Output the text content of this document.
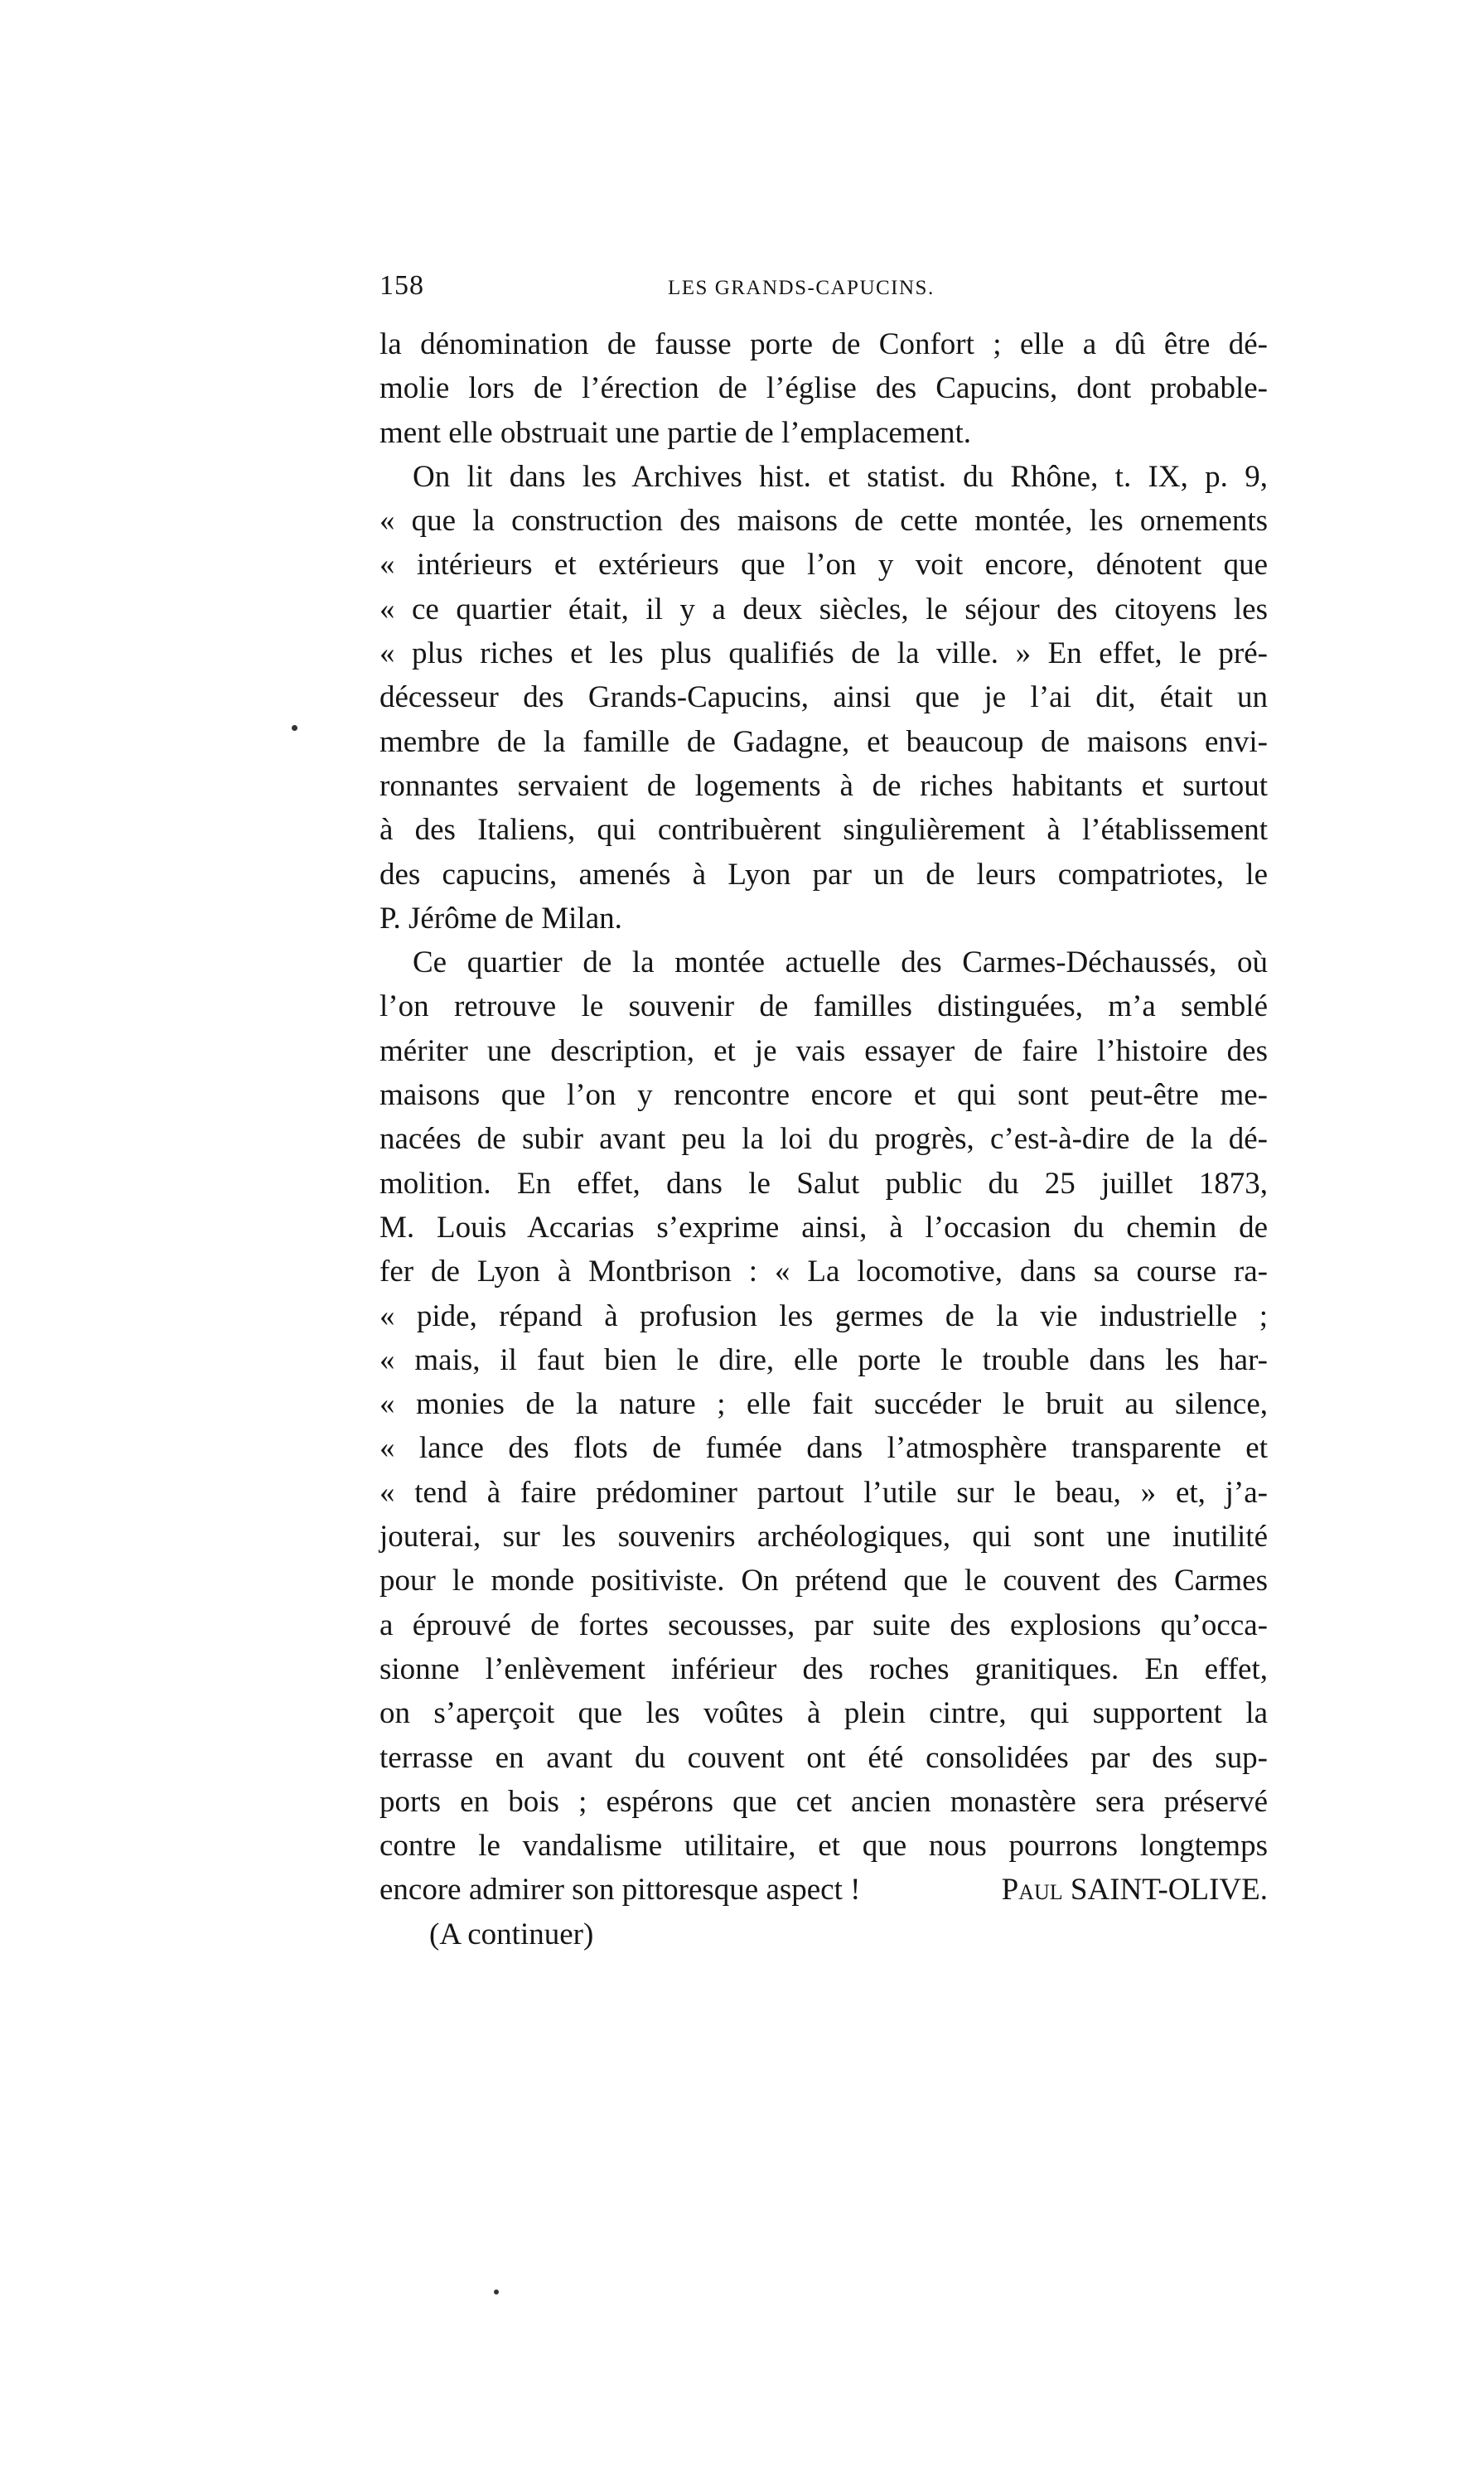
158	LES GRANDS-CAPUCINS.
la dénomination de fausse porte de Confort ; elle a dû être dé-
molie lors de l’érection de l’église des Capucins, dont probable-
ment elle obstruait une partie de l’emplacement.
On lit dans les Archives hist. et statist. du Rhône, t. IX, p. 9,
« que la construction des maisons de cette montée, les ornements
« intérieurs et extérieurs que l’on y voit encore, dénotent que
« ce quartier était, il y a deux siècles, le séjour des citoyens les
« plus riches et les plus qualifiés de la ville. » En effet, le pré-
décesseur des Grands-Capucins, ainsi que je l’ai dit, était un
membre de la famille de Gadagne, et beaucoup de maisons envi-
ronnantes servaient de logements à de riches habitants et surtout
à des Italiens, qui contribuèrent singulièrement à l’établissement
des capucins, amenés à Lyon par un de leurs compatriotes, le
P. Jérôme de Milan.
Ce quartier de la montée actuelle des Carmes-Déchaussés, où
l’on retrouve le souvenir de familles distinguées, m’a semblé
mériter une description, et je vais essayer de faire l’histoire des
maisons que l’on y rencontre encore et qui sont peut-être me-
nacées de subir avant peu la loi du progrès, c’est-à-dire de la dé-
molition. En effet, dans le Salut public du 25 juillet 1873,
M. Louis Accarias s’exprime ainsi, à l’occasion du chemin de
fer de Lyon à Montbrison : « La locomotive, dans sa course ra-
« pide, répand à profusion les germes de la vie industrielle ;
« mais, il faut bien le dire, elle porte le trouble dans les har-
« monies de la nature ; elle fait succéder le bruit au silence,
« lance des flots de fumée dans l’atmosphère transparente et
« tend à faire prédominer partout l’utile sur le beau, » et, j’a-
jouterai, sur les souvenirs archéologiques, qui sont une inutilité
pour le monde positiviste. On prétend que le couvent des Carmes
a éprouvé de fortes secousses, par suite des explosions qu’occa-
sionne l’enlèvement inférieur des roches granitiques. En effet,
on s’aperçoit que les voûtes à plein cintre, qui supportent la
terrasse en avant du couvent ont été consolidées par des sup-
ports en bois ; espérons que cet ancien monastère sera préservé
contre le vandalisme utilitaire, et que nous pourrons longtemps
encore admirer son pittoresque aspect !	Paul SAINT-OLIVE.
(A continuer)
